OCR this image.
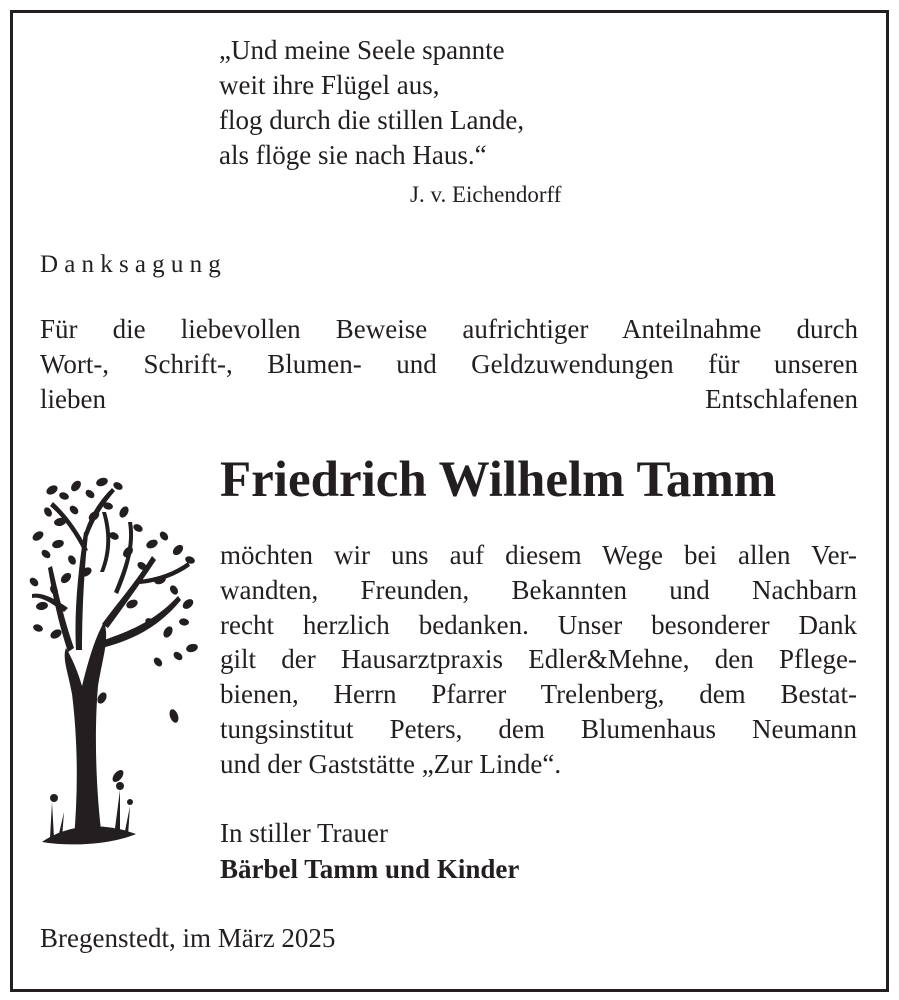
„Und meine Seele spannte
weit ihre Flügel aus,
flog durch die stillen Lande,
als flöge sie nach Haus.“
J. v. Eichendorff
Danksagung
Für die liebevollen Beweise aufrichtiger Anteilnahme durch
Wort-, Schrift-, Blumen- und Geldzuwendungen für unseren
lieben Entschlafenen
Friedrich Wilhelm Tamm
möchten wir uns auf diesem Wege bei allen Ver-
wandten, Freunden, Bekannten und Nachbarn
recht herzlich bedanken. Unser besonderer Dank
gilt der Hausarztpraxis Edler&Mehne, den Pflege-
bienen, Herrn Pfarrer Trelenberg, dem Bestat-
tungsinstitut Peters, dem Blumenhaus Neumann
und der Gaststätte „Zur Linde“.
In stiller Trauer
Bärbel Tamm und Kinder
Bregenstedt, im März 2025
